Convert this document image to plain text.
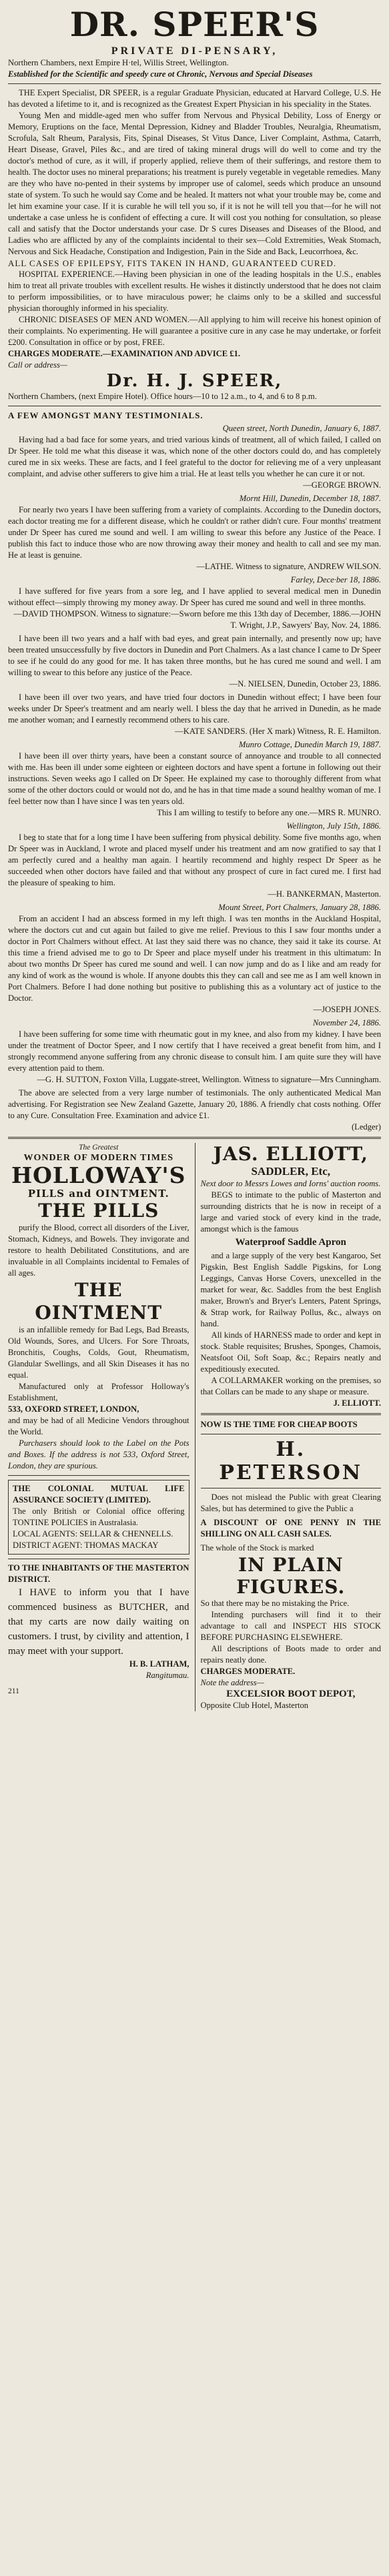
DR. SPEER'S
PRIVATE DI-PENSARY,
Northern Chambers, next Empire H·tel, Willis Street, Wellington.
Established for the Scientific and speedy cure ot Chronic, Nervous and Special Diseases

THE Expert Specialist, DR SPEER, is a regular Graduate Physician, educated at Harvard College, U.S. He has devoted a lifetime to it, and is recognized as the Greatest Expert Physician in his speciality in the States.

Young Men and middle-aged men who suffer from Nervous and Physical Debility, Loss of Energy or Memory, Eruptions on the face, Mental Depression, Kidney and Bladder Troubles, Neuralgia, Rheumatism, Scrofula, Salt Rheum, Paralysis, Fits, Spinal Diseases, St Vitus Dance, Liver Complaint, Asthma, Catarrh, Heart Disease, Gravel, Piles &c., and are tired of taking mineral drugs will do well to come and try the doctor's method of cure, as it will, if properly applied, relieve them of their sufferings, and restore them to health. The doctor uses no mineral preparations; his treatment is purely vegetable in vegetable remedies. Many are they who have no-pented in their systems by improper use of calomel, seeds which produce an unsound state of system. To such he would say Come and be healed. It matters not what your trouble may be, come and let him examine your case. If it is curable he will tell you so, if it is not he will tell you that—for he will not undertake a case unless he is confident of effecting a cure. It will cost you nothing for consultation, so please call and satisfy that the Doctor understands your case. Dr S cures Diseases and Diseases of the Blood, and Ladies who are afflicted by any of the complaints incidental to their sex—Cold Extremities, Weak Stomach, Nervous and Sick Headache, Constipation and Indigestion, Pain in the Side and Back, Leucorrhoea, &c.

ALL CASES OF EPILEPSY, FITS TAKEN IN HAND, GUARANTEED CURED.

HOSPITAL EXPERIENCE.—Having been physician in one of the leading hospitals in the U.S., enables him to treat all private troubles with excellent results. He wishes it distinctly understood that he does not claim to perform impossibilities, or to have miraculous power; he claims only to be a skilled and successful physician thoroughly informed in his speciality.

CHRONIC DISEASES OF MEN AND WOMEN.—All applying to him will receive his honest opinion of their complaints. No experimenting. He will guarantee a positive cure in any case he may undertake, or forfeit £200. Consultation in office or by post, FREE.

CHARGES MODERATE.—EXAMINATION AND ADVICE £1.

Call or address—

Dr. H. J. SPEER,

Northern Chambers, (next Empire Hotel). Office hours—10 to 12 a.m., to 4, and 6 to 8 p.m.

A FEW AMONGST MANY TESTIMONIALS.

Queen street, North Dunedin, January 6, 1887.

Having had a bad face for some years, and tried various kinds of treatment, all of which failed, I called on Dr Speer. He told me what this disease it was, which none of the other doctors could do, and has completely cured me in six weeks. These are facts, and I feel grateful to the doctor for relieving me of a very unpleasant complaint, and advise other sufferers to give him a trial. He at least tells you whether he can cure it or not.

—GEORGE BROWN.
Mornt Hill, Dunedin, December 18, 1887.

For nearly two years I have been suffering from a variety of complaints. According to the Dunedin doctors, each doctor treating me for a different disease, which he couldn't or rather didn't cure. Four months' treatment under Dr Speer has cured me sound and well. I am willing to swear this before any Justice of the Peace. I publish this fact to induce those who are now throwing away their money and health to call and see my man. He at least is genuine.

—LATHE. Witness to signature, ANDREW WILSON.
Farley, Dece·ber 18, 1886.

I have suffered for five years from a sore leg, and I have applied to several medical men in Dunedin without effect—simply throwing my money away. Dr Speer has cured me sound and well in three months.

—DAVID THOMPSON. Witness to signature:—Sworn before me this 13th day of December, 1886.—JOHN T. Wright, J.P., Sawyers' Bay, Nov. 24, 1886.

I have been ill two years and a half with bad eyes, and great pain internally, and presently now up; have been treated unsuccessfully by five doctors in Dunedin and Port Chalmers. As a last chance I came to Dr Speer to see if he could do any good for me. It has taken three months, but he has cured me sound and well. I am willing to swear to this before any justice of the Peace.

—N. NIELSEN, Dunedin, October 23, 1886.

I have been ill over two years, and have tried four doctors in Dunedin without effect; I have been four weeks under Dr Speer's treatment and am nearly well. I bless the day that he arrived in Dunedin, as he made me another woman; and I earnestly recommend others to his care.

—KATE SANDERS. (Her X mark) Witness, R. E. Hamilton.
Munro Cottage, Dunedin March 19, 1887.

I have been ill over thirty years, have been a constant source of annoyance and trouble to all connected with me. Has been ill under some eighteen or eighteen doctors and have spent a fortune in following out their instructions. Seven weeks ago I called on Dr Speer. He explained my case to thoroughly different from what some of the other doctors could or would not do, and he has in that time made a sound healthy woman of me. I feel better now than I have since I was ten years old.

This I am willing to testify to before any one.—MRS R. MUNRO.
Wellington, July 15th, 1886.

I beg to state that for a long time I have been suffering from physical debility. Some five months ago, when Dr Speer was in Auckland, I wrote and placed myself under his treatment and am now gratified to say that I am perfectly cured and a healthy man again. I heartily recommend and highly respect Dr Speer as he succeeded when other doctors have failed and that without any prospect of cure in fact cured me. I first had the pleasure of speaking to him.

—H. BANKERMAN, Masterton.
Mount Street, Port Chalmers, January 28, 1886.

From an accident I had an abscess formed in my left thigh. I was ten months in the Auckland Hospital, where the doctors cut and cut again but failed to give me relief. Previous to this I saw four months under a doctor in Port Chalmers without effect. At last they said there was no chance, they said it take its course. At this time a friend advised me to go to Dr Speer and place myself under his treatment in this ultimatum: In about two months Dr Speer has cured me sound and well. I can now jump and do as I like and am ready for any kind of work as the wound is whole. If anyone doubts this they can call and see me as I am well known in Port Chalmers. Before I had done nothing but positive to publishing this as a voluntary act of justice to the Doctor.

—JOSEPH JONES.
November 24, 1886.

I have been suffering for some time with rheumatic gout in my knee, and also from my kidney. I have been under the treatment of Doctor Speer, and I now certify that I have received a great benefit from him, and I strongly recommend anyone suffering from any chronic disease to consult him. I am quite sure they will have every attention paid to them.

—G. H. SUTTON, Foxton Villa, Luggate-street, Wellington. Witness to signature—Mrs Cunningham.

The above are selected from a very large number of testimonials. The only authenticated Medical Man advertising. For Registration see New Zealand Gazette, January 20, 1886. A friendly chat costs nothing. Offer to any Cure. Consultation Free. Examination and advice £1.

(Ledger)
The Greatest
WONDER OF MODERN TIMES
HOLLOWAY'S
PILLS and OINTMENT.
THE PILLS

purify the Blood, correct all disorders of the Liver, Stomach, Kidneys, and Bowels. They invigorate and restore to health Debilitated Constitutions, and are invaluable in all Complaints incidental to Females of all ages.

THE OINTMENT

is an infallible remedy for Bad Legs, Bad Breasts, Old Wounds, Sores, and Ulcers. For Sore Throats, Bronchitis, Coughs, Colds, Gout, Rheumatism, Glandular Swellings, and all Skin Diseases it has no equal.

Manufactured only at Professor Holloway's Establishment,

533, OXFORD STREET, LONDON,

and may be had of all Medicine Vendors throughout the World.

Purchasers should look to the Label on the Pots and Boxes. If the address is not 533, Oxford Street, London, they are spurious.

THE COLONIAL MUTUAL LIFE ASSURANCE SOCIETY (LIMITED).

The only British or Colonial office offering TONTINE POLICIES in Australasia.

LOCAL AGENTS: SELLAR & CHENNELLS.

DISTRICT AGENT: THOMAS MACKAY

TO THE INHABITANTS OF THE MASTERTON DISTRICT.

I HAVE to inform you that I have commenced business as BUTCHER, and that my carts are now daily waiting on customers. I trust, by civility and attention, I may meet with your support.

H. B. LATHAM,
Rangitumau.
211
JAS. ELLIOTT,
SADDLER, Etc,

Next door to Messrs Lowes and Iorns' auction rooms.

BEGS to intimate to the public of Masterton and surrounding districts that he is now in receipt of a large and varied stock of every kind in the trade, amongst which is the famous

Waterproof Saddle Apron

and a large supply of the very best Kangaroo, Set Pigskin, Best English Saddle Pigskins, for Long Leggings, Canvas Horse Covers, unexcelled in the market for wear, &c. Saddles from the best English maker, Brown's and Bryer's Lenters, Patent Springs, & Strap work, for Railway Pollus, &c., always on hand.

All kinds of HARNESS made to order and kept in stock. Stable requisites; Brushes, Sponges, Chamois, Neatsfoot Oil, Soft Soap, &c.; Repairs neatly and expeditiously executed.

A COLLARMAKER working on the premises, so that Collars can be made to any shape or measure.

J. ELLIOTT.

NOW IS THE TIME FOR CHEAP BOOTS

H. PETERSON

Does not mislead the Public with great Clearing Sales, but has determined to give the Public a

A DISCOUNT OF ONE PENNY IN THE SHILLING ON ALL CASH SALES.

The whole of the Stock is marked

IN PLAIN FIGURES.

So that there may be no mistaking the Price.

Intending purchasers will find it to their advantage to call and INSPECT HIS STOCK BEFORE PURCHASING ELSEWHERE.

All descriptions of Boots made to order and repairs neatly done.

CHARGES MODERATE.

Note the address—

EXCELSIOR BOOT DEPOT,

Opposite Club Hotel, Masterton
